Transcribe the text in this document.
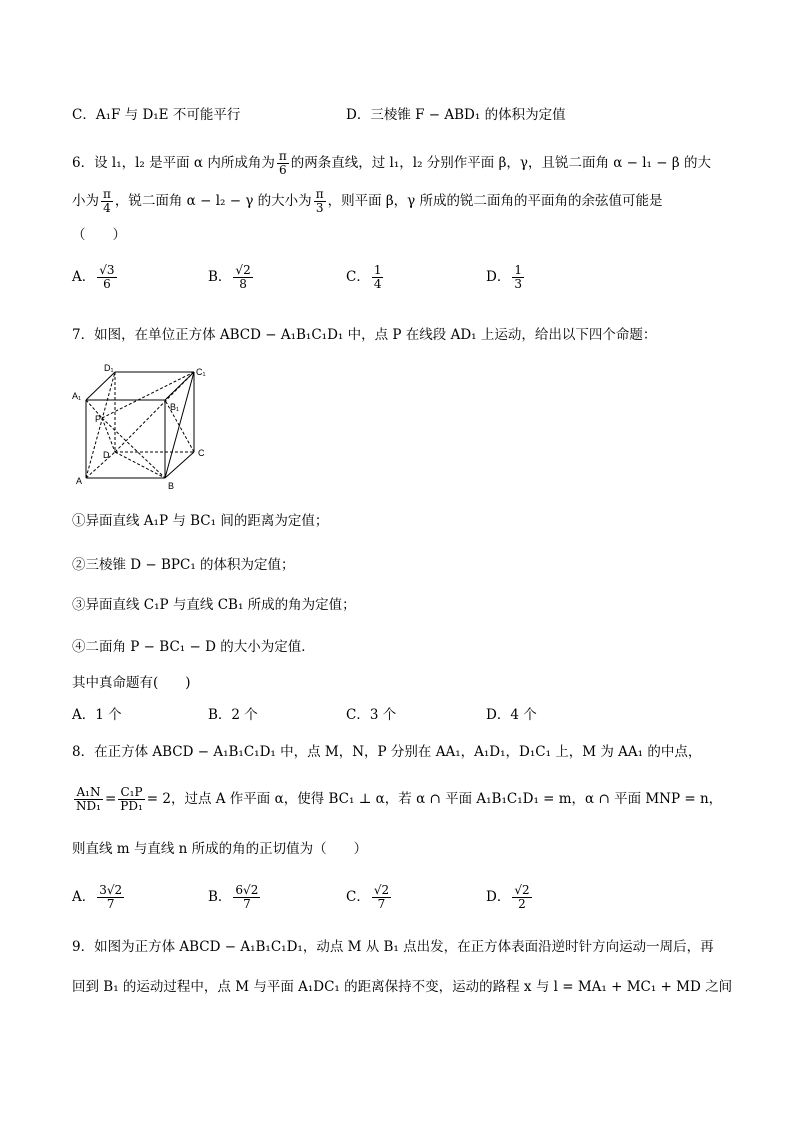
C．A₁F 与 D₁E 不可能平行	D．三棱锥 F − ABD₁ 的体积为定值
6．设 l₁，l₂ 是平面 α 内所成角为 $\frac{\pi}{6}$ 的两条直线，过 l₁，l₂ 分别作平面 β，γ，且锐二面角 α − l₁ − β 的大
小为 $\frac{\pi}{4}$ ，锐二面角 α − l₂ − γ 的大小为 $\frac{\pi}{3}$ ，则平面 β，γ 所成的锐二面角的平面角的余弦值可能是
（　　）
A． $\frac{√3}{6}$	B． $\frac{√2}{8}$	C． $\frac{1}{4}$	D． $\frac{1}{3}$
7．如图，在单位正方体 ABCD − A₁B₁C₁D₁ 中，点 P 在线段 AD₁ 上运动，给出以下四个命题：
D₁	C₁
A₁
B₁
P
D	C
A	B
①异面直线 A₁P 与 BC₁ 间的距离为定值；
②三棱锥 D − BPC₁ 的体积为定值；
③异面直线 C₁P 与直线 CB₁ 所成的角为定值；
④二面角 P − BC₁ − D 的大小为定值．
其中真命题有(　　)
A．1 个	B．2 个	C．3 个	D．4 个
8．在正方体 ABCD − A₁B₁C₁D₁ 中，点 M，N，P 分别在 AA₁，A₁D₁，D₁C₁ 上，M 为 AA₁ 的中点，
$\frac{\text{A₁N}}{\text{ND₁}} = \frac{\text{C₁P}}{\text{PD₁}} = 2$，过点 A 作平面 α，使得 BC₁ ⊥ α，若 α ∩ 平面 A₁B₁C₁D₁ = m，α ∩ 平面 MNP = n，
则直线 m 与直线 n 所成的角的正切值为（　　）
A． $\frac{3√2}{7}$	B． $\frac{6√2}{7}$	C． $\frac{√2}{7}$	D． $\frac{√2}{2}$
9．如图为正方体 ABCD − A₁B₁C₁D₁，动点 M 从 B₁ 点出发，在正方体表面沿逆时针方向运动一周后，再
回到 B₁ 的运动过程中，点 M 与平面 A₁DC₁ 的距离保持不变，运动的路程 x 与 l = MA₁ + MC₁ + MD 之间
